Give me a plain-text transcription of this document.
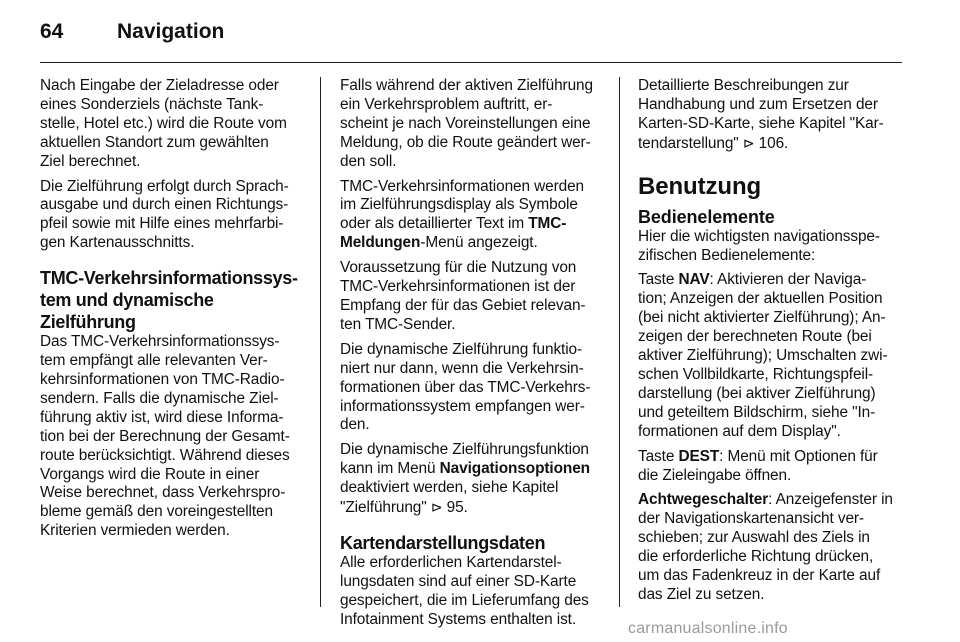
64	Navigation

Nach Eingabe der Zieladresse oder
eines Sonderziels (nächste Tank-
stelle, Hotel etc.) wird die Route vom
aktuellen Standort zum gewählten
Ziel berechnet.

Die Zielführung erfolgt durch Sprach-
ausgabe und durch einen Richtungs-
pfeil sowie mit Hilfe eines mehrfarbi-
gen Kartenausschnitts.

TMC-Verkehrsinformationssys-
tem und dynamische
Zielführung

Das TMC-Verkehrsinformationssys-
tem empfängt alle relevanten Ver-
kehrsinformationen von TMC-Radio-
sendern. Falls die dynamische Ziel-
führung aktiv ist, wird diese Informa-
tion bei der Berechnung der Gesamt-
route berücksichtigt. Während dieses
Vorgangs wird die Route in einer
Weise berechnet, dass Verkehrspro-
bleme gemäß den voreingestellten
Kriterien vermieden werden.

Falls während der aktiven Zielführung
ein Verkehrsproblem auftritt, er-
scheint je nach Voreinstellungen eine
Meldung, ob die Route geändert wer-
den soll.

TMC-Verkehrsinformationen werden
im Zielführungsdisplay als Symbole
oder als detaillierter Text im TMC-
Meldungen-Menü angezeigt.

Voraussetzung für die Nutzung von
TMC-Verkehrsinformationen ist der
Empfang der für das Gebiet relevan-
ten TMC-Sender.

Die dynamische Zielführung funktio-
niert nur dann, wenn die Verkehrsin-
formationen über das TMC-Verkehrs-
informationssystem empfangen wer-
den.

Die dynamische Zielführungsfunktion
kann im Menü Navigationsoptionen
deaktiviert werden, siehe Kapitel
"Zielführung" ⊳ 95.

Kartendarstellungsdaten

Alle erforderlichen Kartendarstel-
lungsdaten sind auf einer SD-Karte
gespeichert, die im Lieferumfang des
Infotainment Systems enthalten ist.

Detaillierte Beschreibungen zur
Handhabung und zum Ersetzen der
Karten-SD-Karte, siehe Kapitel "Kar-
tendarstellung" ⊳ 106.

Benutzung
Bedienelemente

Hier die wichtigsten navigationsspe-
zifischen Bedienelemente:

Taste NAV: Aktivieren der Naviga-
tion; Anzeigen der aktuellen Position
(bei nicht aktivierter Zielführung); An-
zeigen der berechneten Route (bei
aktiver Zielführung); Umschalten zwi-
schen Vollbildkarte, Richtungspfeil-
darstellung (bei aktiver Zielführung)
und geteiltem Bildschirm, siehe "In-
formationen auf dem Display".

Taste DEST: Menü mit Optionen für
die Zieleingabe öffnen.

Achtwegeschalter: Anzeigefenster in
der Navigationskartenansicht ver-
schieben; zur Auswahl des Ziels in
die erforderliche Richtung drücken,
um das Fadenkreuz in der Karte auf
das Ziel zu setzen.

carmanualsonline.info
